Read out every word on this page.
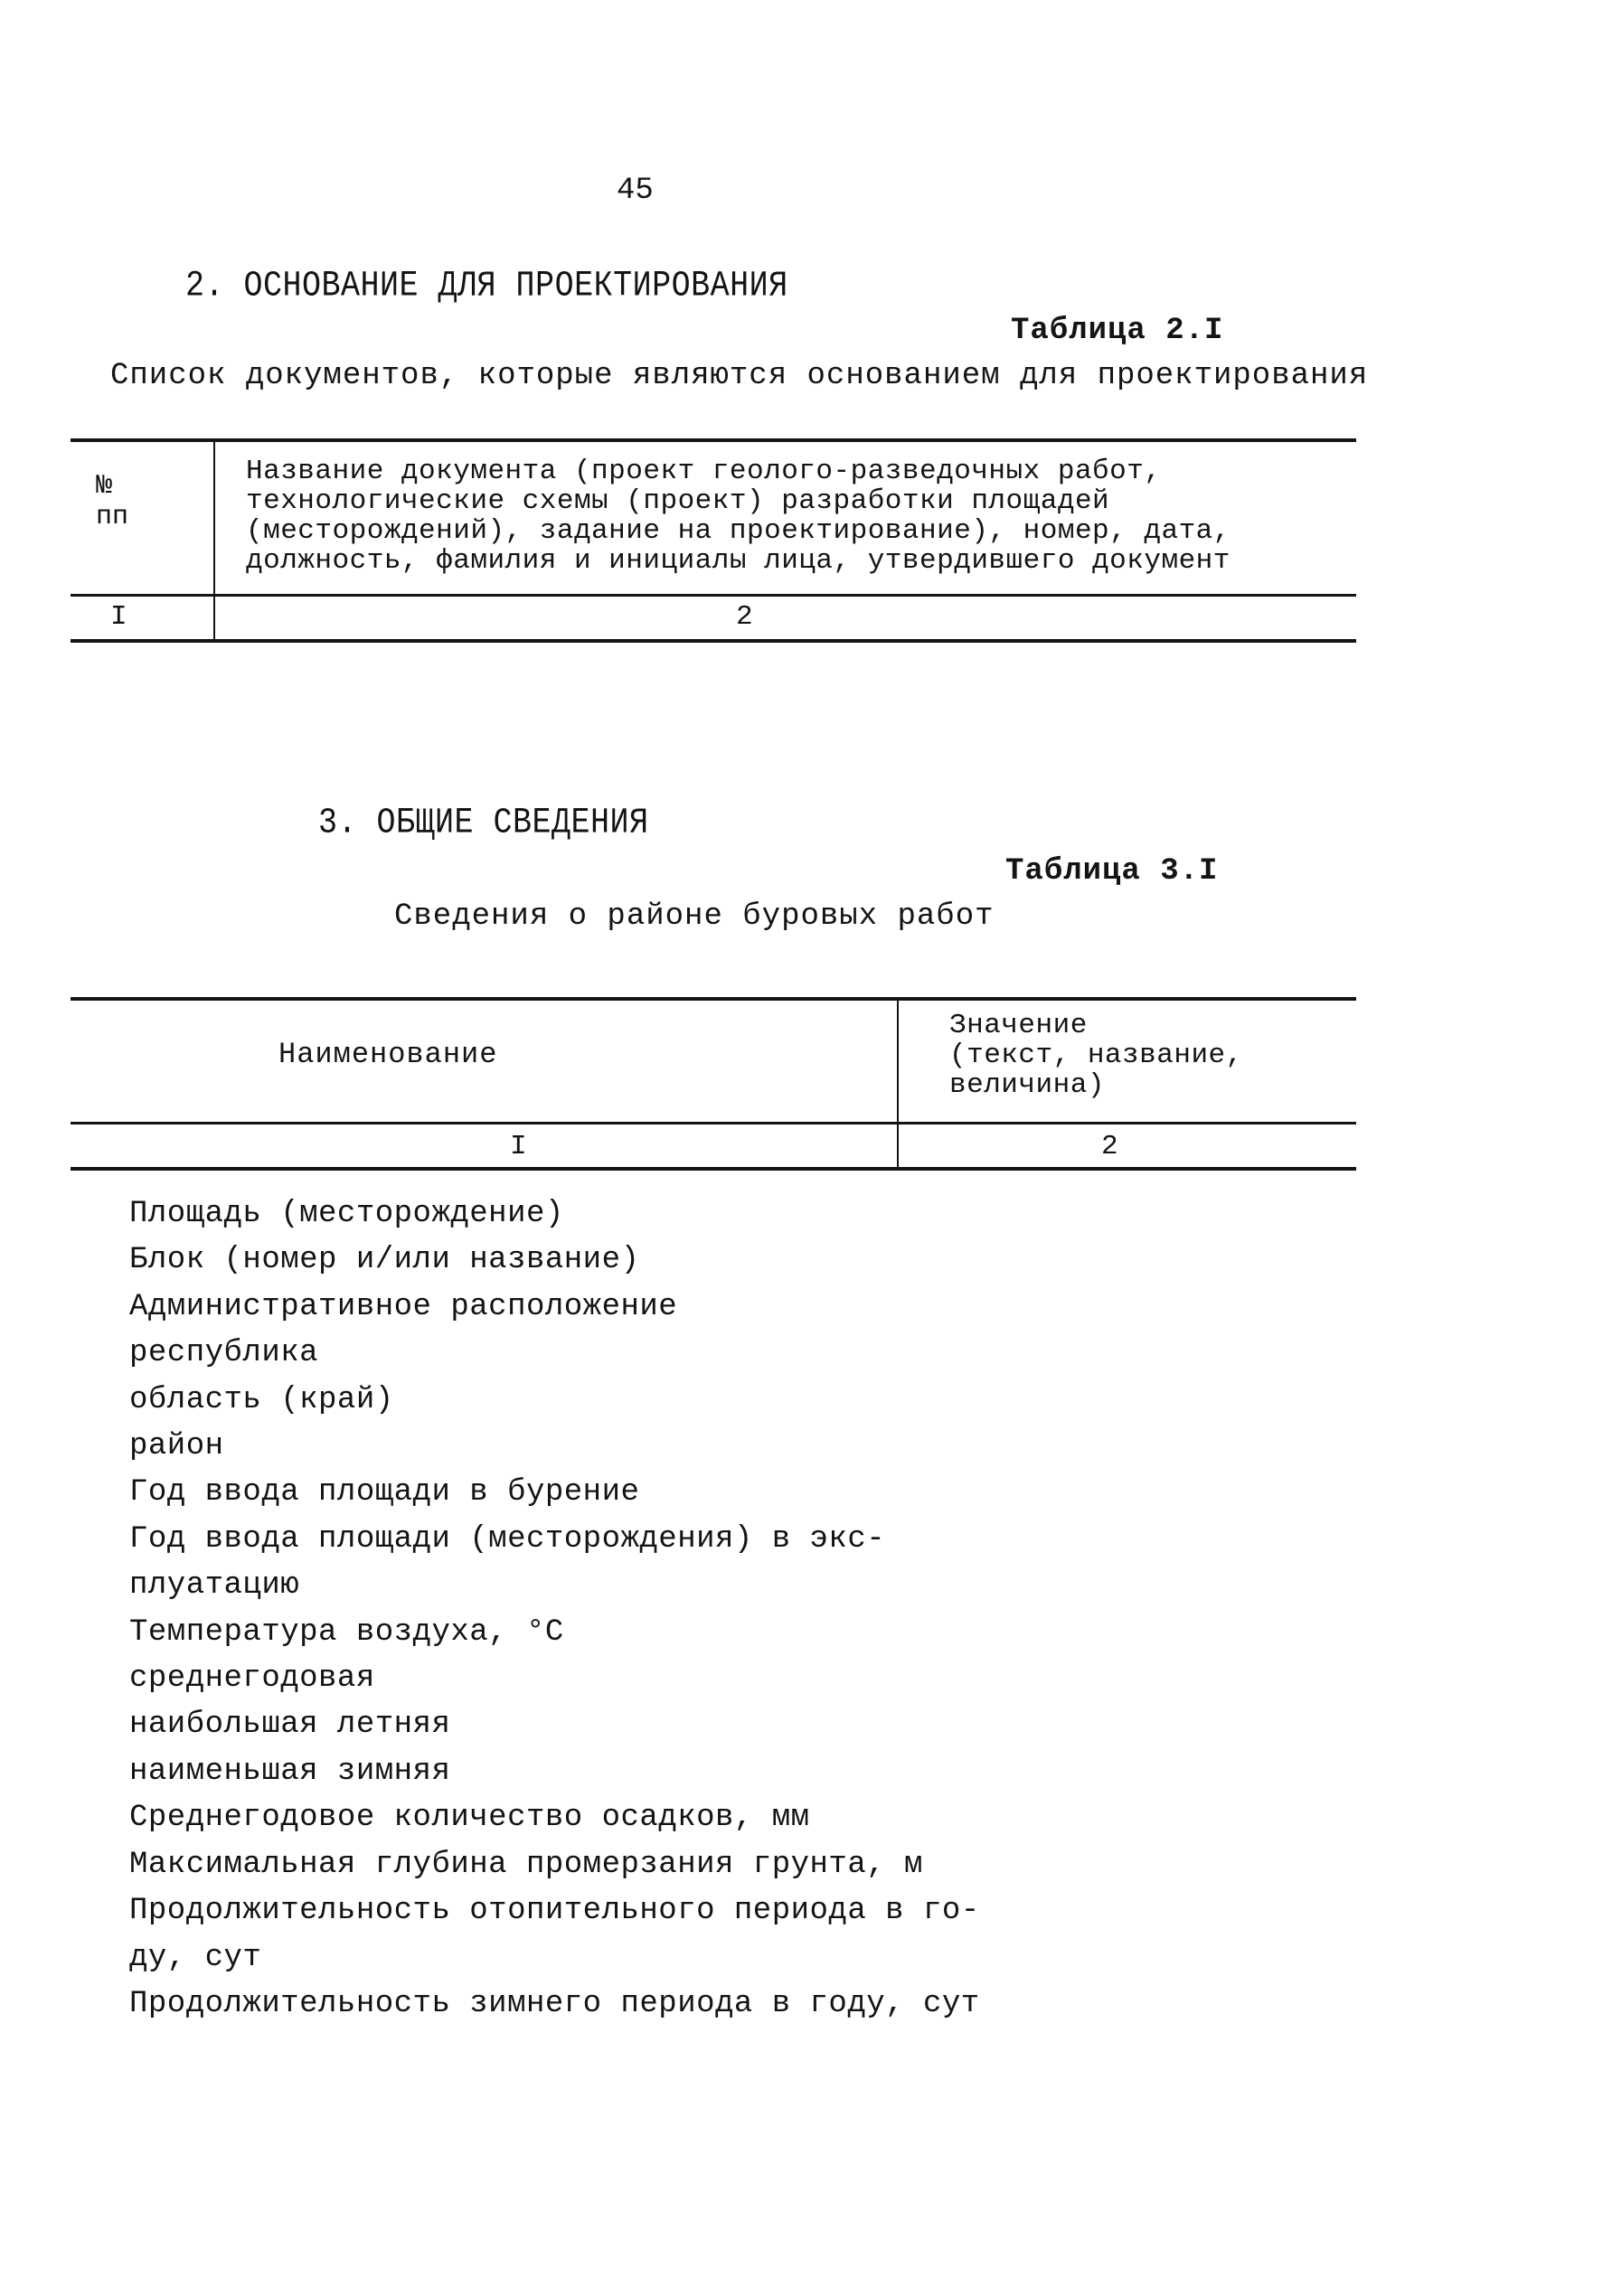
45
2. ОСНОВАНИЕ ДЛЯ ПРОЕКТИРОВАНИЯ
Таблица 2.I
Список документов, которые являются основанием для проектирования
№
пп
Название документа (проект геолого-разведочных работ,
технологические схемы (проект) разработки площадей
(месторождений), задание на проектирование), номер, дата,
должность, фамилия и инициалы лица, утвердившего документ
I	2
3. ОБЩИЕ СВЕДЕНИЯ
Таблица 3.I
Сведения о районе буровых работ
Наименование
Значение
(текст, название,
величина)
I	2
Площадь (месторождение)
Блок (номер и/или название)
Административное расположение
республика
область (край)
район
Год ввода площади в бурение
Год ввода площади (месторождения) в экс-
плуатацию
Температура воздуха, °С
среднегодовая
наибольшая летняя
наименьшая зимняя
Среднегодовое количество осадков, мм
Максимальная глубина промерзания грунта, м
Продолжительность отопительного периода в го-
ду, сут
Продолжительность зимнего периода в году, сут
